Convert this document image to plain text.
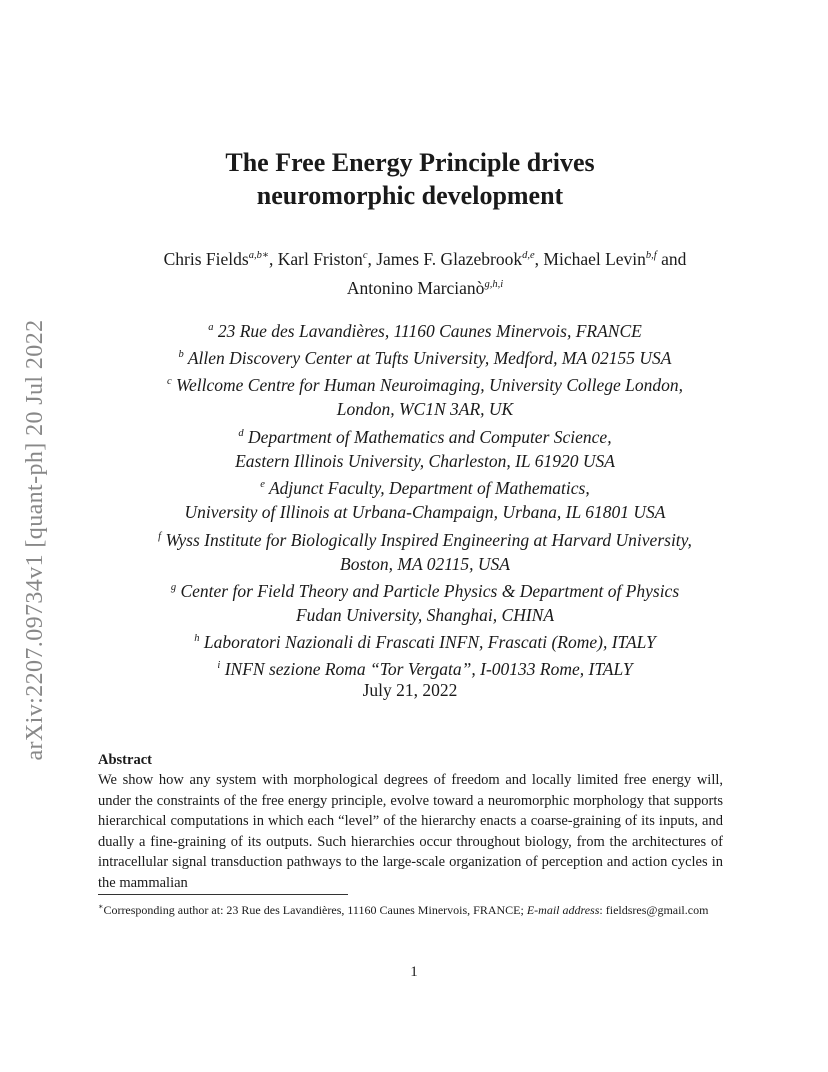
arXiv:2207.09734v1 [quant-ph] 20 Jul 2022
The Free Energy Principle drives
neuromorphic development
Chris Fields$^{a,b∗}$, Karl Friston$^c$, James F. Glazebrook$^{d,e}$, Michael Levin$^{b,f}$ and
Antonino Marcianò$^{g,h,i}$
$^a$ 23 Rue des Lavandières, 11160 Caunes Minervois, FRANCE
$^b$ Allen Discovery Center at Tufts University, Medford, MA 02155 USA
$^c$ Wellcome Centre for Human Neuroimaging, University College London,
London, WC1N 3AR, UK
$^d$ Department of Mathematics and Computer Science,
Eastern Illinois University, Charleston, IL 61920 USA
$^e$ Adjunct Faculty, Department of Mathematics,
University of Illinois at Urbana-Champaign, Urbana, IL 61801 USA
$^f$ Wyss Institute for Biologically Inspired Engineering at Harvard University,
Boston, MA 02115, USA
$^g$ Center for Field Theory and Particle Physics & Department of Physics
Fudan University, Shanghai, CHINA
$^h$ Laboratori Nazionali di Frascati INFN, Frascati (Rome), ITALY
$^i$ INFN sezione Roma “Tor Vergata”, I-00133 Rome, ITALY
July 21, 2022
Abstract
We show how any system with morphological degrees of freedom and locally limited free energy will, under the constraints of the free energy principle, evolve toward a neuromorphic morphology that supports hierarchical computations in which each “level” of the hierarchy enacts a coarse-graining of its inputs, and dually a fine-graining of its outputs. Such hierarchies occur throughout biology, from the architectures of intracellular signal transduction pathways to the large-scale organization of perception and action cycles in the mammalian
∗Corresponding author at: 23 Rue des Lavandières, 11160 Caunes Minervois, FRANCE; E-mail address: fieldsres@gmail.com
1
